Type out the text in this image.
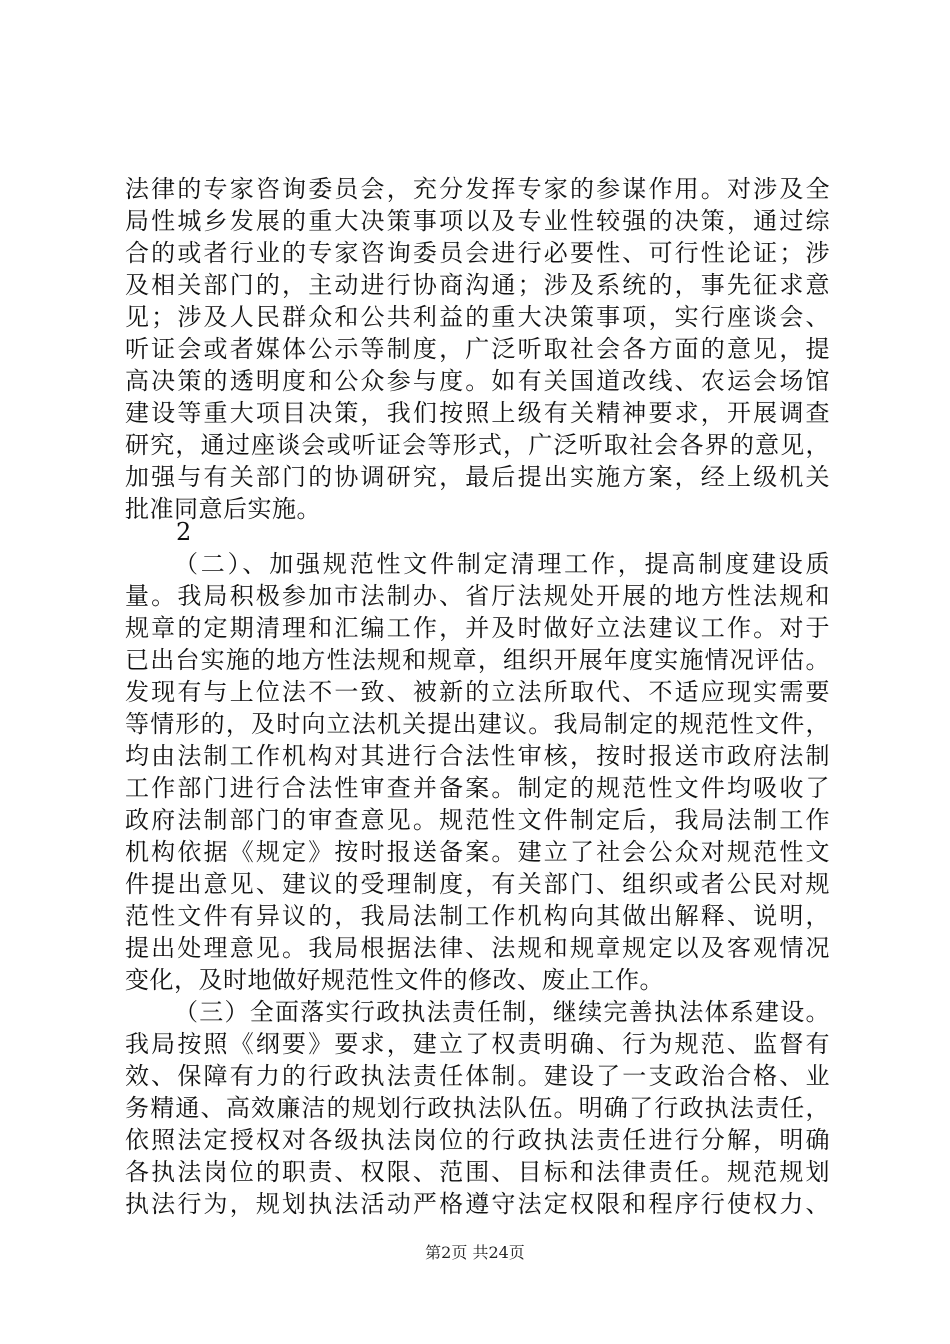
法律的专家咨询委员会，充分发挥专家的参谋作用。对涉及全
局性城乡发展的重大决策事项以及专业性较强的决策，通过综
合的或者行业的专家咨询委员会进行必要性、可行性论证；涉
及相关部门的，主动进行协商沟通；涉及系统的，事先征求意
见；涉及人民群众和公共利益的重大决策事项，实行座谈会、
听证会或者媒体公示等制度，广泛听取社会各方面的意见，提
高决策的透明度和公众参与度。如有关国道改线、农运会场馆
建设等重大项目决策，我们按照上级有关精神要求，开展调查
研究，通过座谈会或听证会等形式，广泛听取社会各界的意见，
加强与有关部门的协调研究，最后提出实施方案，经上级机关
批准同意后实施。
2
（二）、加强规范性文件制定清理工作，提高制度建设质
量。我局积极参加市法制办、省厅法规处开展的地方性法规和
规章的定期清理和汇编工作，并及时做好立法建议工作。对于
已出台实施的地方性法规和规章，组织开展年度实施情况评估。
发现有与上位法不一致、被新的立法所取代、不适应现实需要
等情形的，及时向立法机关提出建议。我局制定的规范性文件，
均由法制工作机构对其进行合法性审核，按时报送市政府法制
工作部门进行合法性审查并备案。制定的规范性文件均吸收了
政府法制部门的审查意见。规范性文件制定后，我局法制工作
机构依据《规定》按时报送备案。建立了社会公众对规范性文
件提出意见、建议的受理制度，有关部门、组织或者公民对规
范性文件有异议的，我局法制工作机构向其做出解释、说明，
提出处理意见。我局根据法律、法规和规章规定以及客观情况
变化，及时地做好规范性文件的修改、废止工作。
（三）全面落实行政执法责任制，继续完善执法体系建设。
我局按照《纲要》要求，建立了权责明确、行为规范、监督有
效、保障有力的行政执法责任体制。建设了一支政治合格、业
务精通、高效廉洁的规划行政执法队伍。明确了行政执法责任，
依照法定授权对各级执法岗位的行政执法责任进行分解，明确
各执法岗位的职责、权限、范围、目标和法律责任。规范规划
执法行为，规划执法活动严格遵守法定权限和程序行使权力、
第2页 共24页
